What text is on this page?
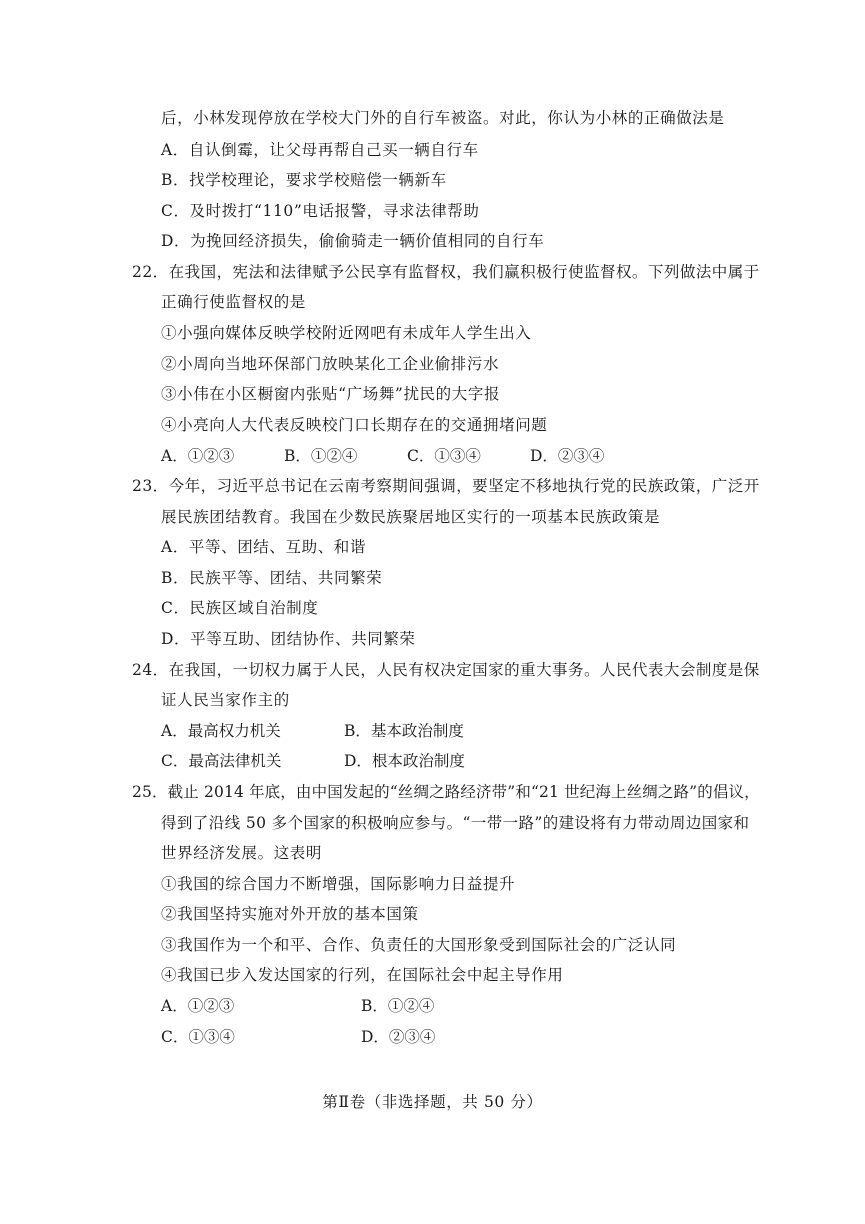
后，小林发现停放在学校大门外的自行车被盗。对此，你认为小林的正确做法是
A．自认倒霉，让父母再帮自己买一辆自行车
B．找学校理论，要求学校赔偿一辆新车
C．及时拨打“110”电话报警，寻求法律帮助
D．为挽回经济损失，偷偷骑走一辆价值相同的自行车
22．在我国，宪法和法律赋予公民享有监督权，我们赢积极行使监督权。下列做法中属于
正确行使监督权的是
①小强向媒体反映学校附近网吧有未成年人学生出入
②小周向当地环保部门放映某化工企业偷排污水
③小伟在小区橱窗内张贴“广场舞”扰民的大字报
④小亮向人大代表反映校门口长期存在的交通拥堵问题
A．①②③	B．①②④	C．①③④	D．②③④
23．今年，习近平总书记在云南考察期间强调，要坚定不移地执行党的民族政策，广泛开
展民族团结教育。我国在少数民族聚居地区实行的一项基本民族政策是
A．平等、团结、互助、和谐
B．民族平等、团结、共同繁荣
C．民族区域自治制度
D．平等互助、团结协作、共同繁荣
24．在我国，一切权力属于人民，人民有权决定国家的重大事务。人民代表大会制度是保
证人民当家作主的
A．最高权力机关	B．基本政治制度
C．最高法律机关	D．根本政治制度
25．截止 2014 年底，由中国发起的“丝绸之路经济带”和“21 世纪海上丝绸之路”的倡议，
得到了沿线 50 多个国家的积极响应参与。“一带一路”的建设将有力带动周边国家和
世界经济发展。这表明
①我国的综合国力不断增强，国际影响力日益提升
②我国坚持实施对外开放的基本国策
③我国作为一个和平、合作、负责任的大国形象受到国际社会的广泛认同
④我国已步入发达国家的行列，在国际社会中起主导作用
A．①②③	B．①②④
C．①③④	D．②③④
第Ⅱ卷（非选择题，共 50 分）
